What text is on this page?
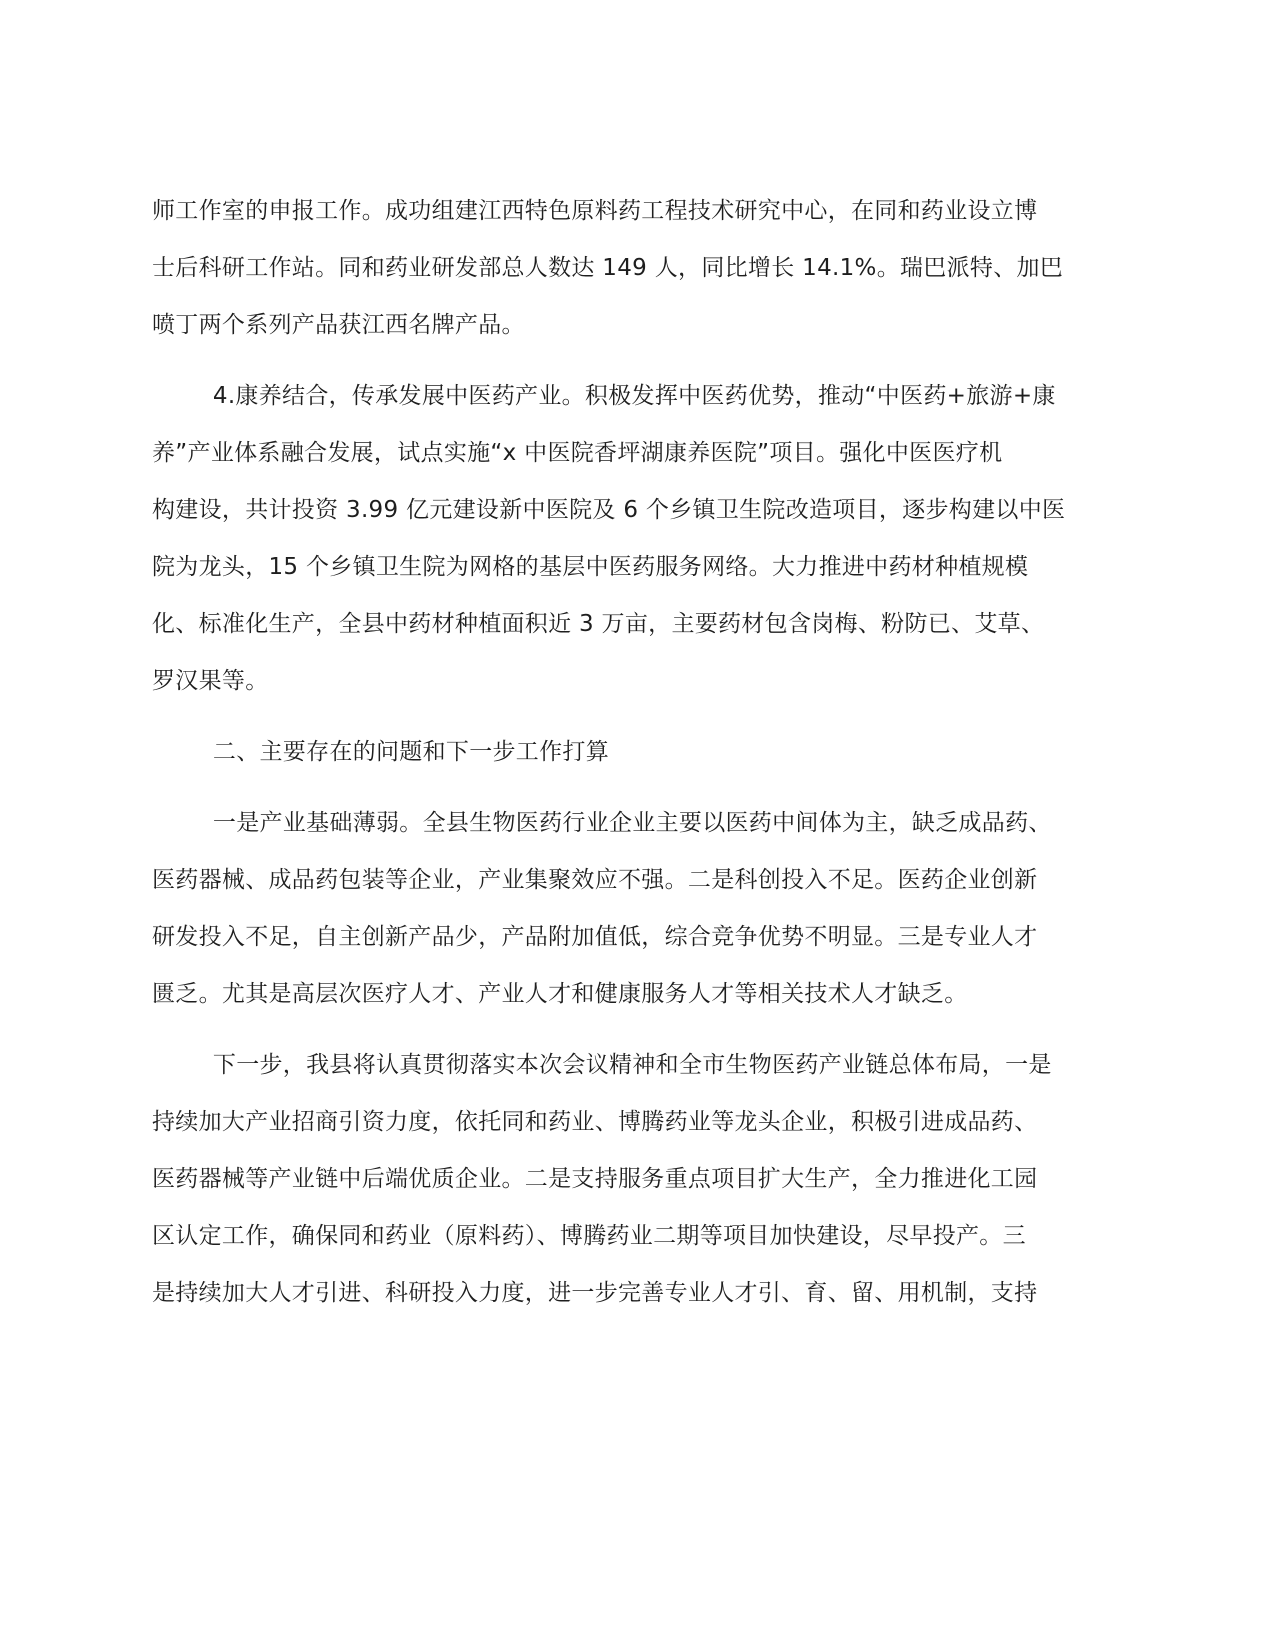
师工作室的申报工作。成功组建江西特色原料药工程技术研究中心，在同和药业设立博
士后科研工作站。同和药业研发部总人数达 149 人，同比增长 14.1%。瑞巴派特、加巴
喷丁两个系列产品获江西名牌产品。
4.康养结合，传承发展中医药产业。积极发挥中医药优势，推动“中医药+旅游+康
养”产业体系融合发展，试点实施“x 中医院香坪湖康养医院”项目。强化中医医疗机
构建设，共计投资 3.99 亿元建设新中医院及 6 个乡镇卫生院改造项目，逐步构建以中医
院为龙头，15 个乡镇卫生院为网格的基层中医药服务网络。大力推进中药材种植规模
化、标准化生产，全县中药材种植面积近 3 万亩，主要药材包含岗梅、粉防已、艾草、
罗汉果等。
二、主要存在的问题和下一步工作打算
一是产业基础薄弱。全县生物医药行业企业主要以医药中间体为主，缺乏成品药、
医药器械、成品药包装等企业，产业集聚效应不强。二是科创投入不足。医药企业创新
研发投入不足，自主创新产品少，产品附加值低，综合竞争优势不明显。三是专业人才
匮乏。尤其是高层次医疗人才、产业人才和健康服务人才等相关技术人才缺乏。
下一步，我县将认真贯彻落实本次会议精神和全市生物医药产业链总体布局，一是
持续加大产业招商引资力度，依托同和药业、博腾药业等龙头企业，积极引进成品药、
医药器械等产业链中后端优质企业。二是支持服务重点项目扩大生产，全力推进化工园
区认定工作，确保同和药业（原料药）、博腾药业二期等项目加快建设，尽早投产。三
是持续加大人才引进、科研投入力度，进一步完善专业人才引、育、留、用机制，支持
